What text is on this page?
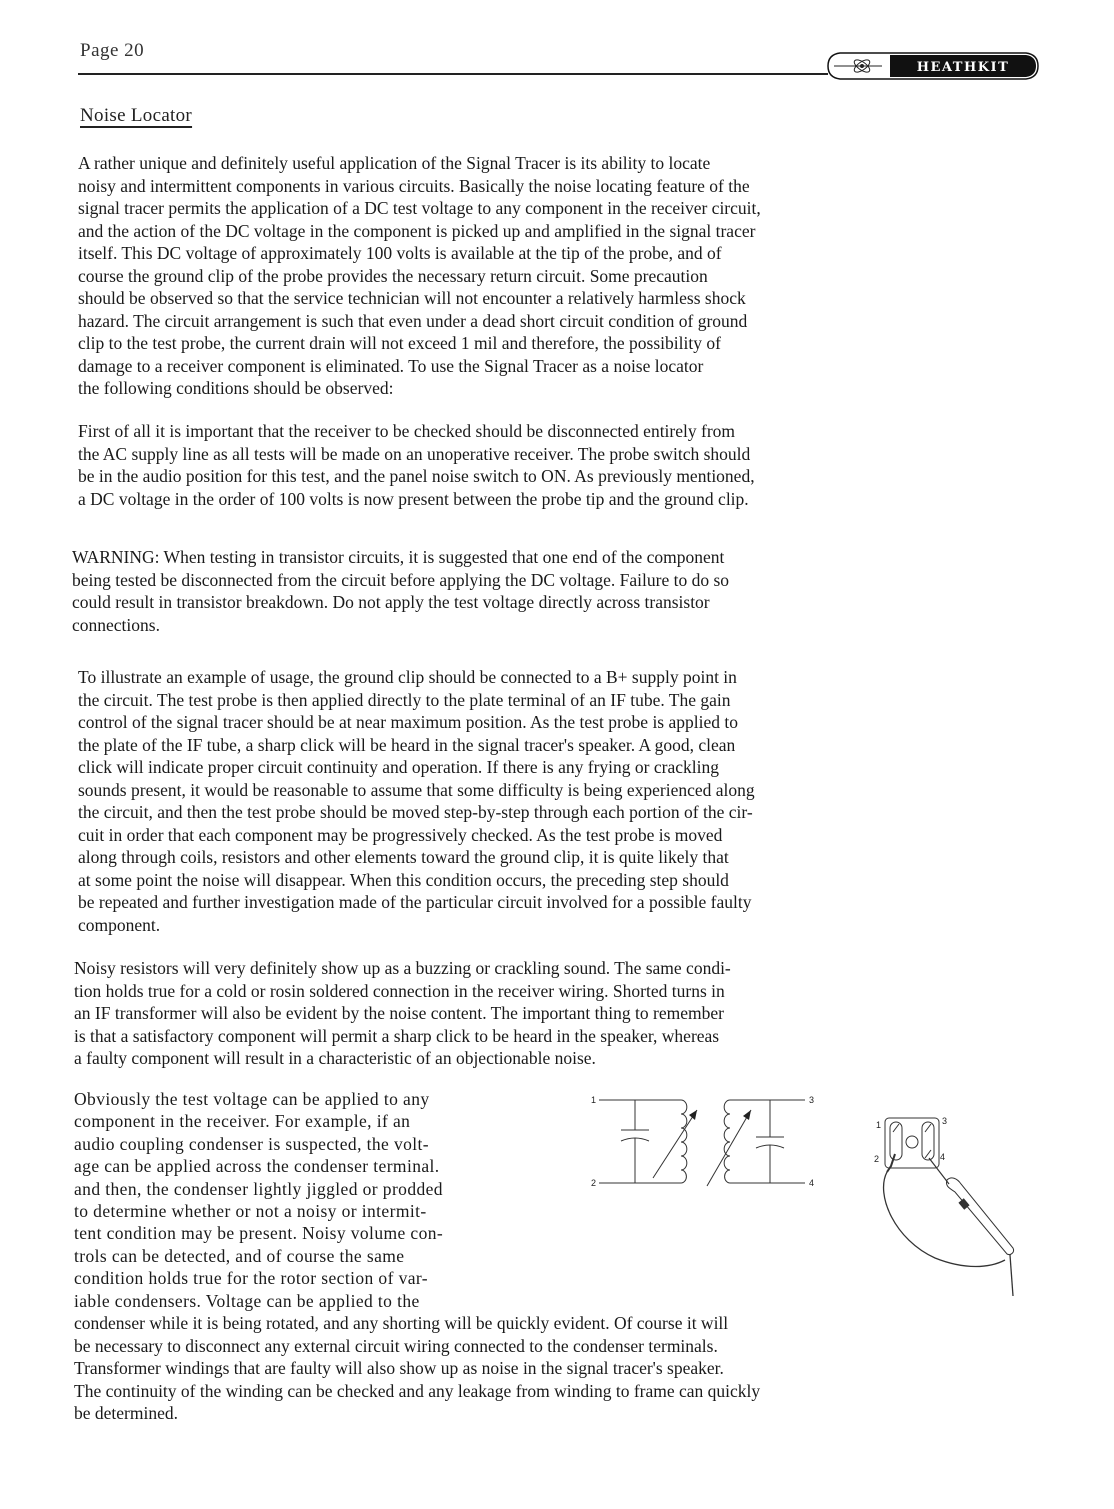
Page 20
HEATHKIT
Noise Locator
A rather unique and definitely useful application of the Signal Tracer is its ability to locate
noisy and intermittent components in various circuits. Basically the noise locating feature of the
signal tracer permits the application of a DC test voltage to any component in the receiver circuit,
and the action of the DC voltage in the component is picked up and amplified in the signal tracer
itself. This DC voltage of approximately 100 volts is available at the tip of the probe, and of
course the ground clip of the probe provides the necessary return circuit. Some precaution
should be observed so that the service technician will not encounter a relatively harmless shock
hazard. The circuit arrangement is such that even under a dead short circuit condition of ground
clip to the test probe, the current drain will not exceed 1 mil and therefore, the possibility of
damage to a receiver component is eliminated. To use the Signal Tracer as a noise locator
the following conditions should be observed:
First of all it is important that the receiver to be checked should be disconnected entirely from
the AC supply line as all tests will be made on an unoperative receiver. The probe switch should
be in the audio position for this test, and the panel noise switch to ON. As previously mentioned,
a DC voltage in the order of 100 volts is now present between the probe tip and the ground clip.
WARNING: When testing in transistor circuits, it is suggested that one end of the component
being tested be disconnected from the circuit before applying the DC voltage. Failure to do so
could result in transistor breakdown. Do not apply the test voltage directly across transistor
connections.
To illustrate an example of usage, the ground clip should be connected to a B+ supply point in
the circuit. The test probe is then applied directly to the plate terminal of an IF tube. The gain
control of the signal tracer should be at near maximum position. As the test probe is applied to
the plate of the IF tube, a sharp click will be heard in the signal tracer's speaker. A good, clean
click will indicate proper circuit continuity and operation. If there is any frying or crackling
sounds present, it would be reasonable to assume that some difficulty is being experienced along
the circuit, and then the test probe should be moved step-by-step through each portion of the cir-
cuit in order that each component may be progressively checked. As the test probe is moved
along through coils, resistors and other elements toward the ground clip, it is quite likely that
at some point the noise will disappear. When this condition occurs, the preceding step should
be repeated and further investigation made of the particular circuit involved for a possible faulty
component.
Noisy resistors will very definitely show up as a buzzing or crackling sound. The same condi-
tion holds true for a cold or rosin soldered connection in the receiver wiring. Shorted turns in
an IF transformer will also be evident by the noise content. The important thing to remember
is that a satisfactory component will permit a sharp click to be heard in the speaker, whereas
a faulty component will result in a characteristic of an objectionable noise.
Obviously the test voltage can be applied to any
component in the receiver. For example, if an
audio coupling condenser is suspected, the volt-
age can be applied across the condenser terminal.
and then, the condenser lightly jiggled or prodded
to determine whether or not a noisy or intermit-
tent condition may be present. Noisy volume con-
trols can be detected, and of course the same
condition holds true for the rotor section of var-
iable condensers. Voltage can be applied to the
condenser while it is being rotated, and any shorting will be quickly evident. Of course it will
be necessary to disconnect any external circuit wiring connected to the condenser terminals.
Transformer windings that are faulty will also show up as noise in the signal tracer's speaker.
The continuity of the winding can be checked and any leakage from winding to frame can quickly
be determined.
1
2
3
4
1
2
3
4
